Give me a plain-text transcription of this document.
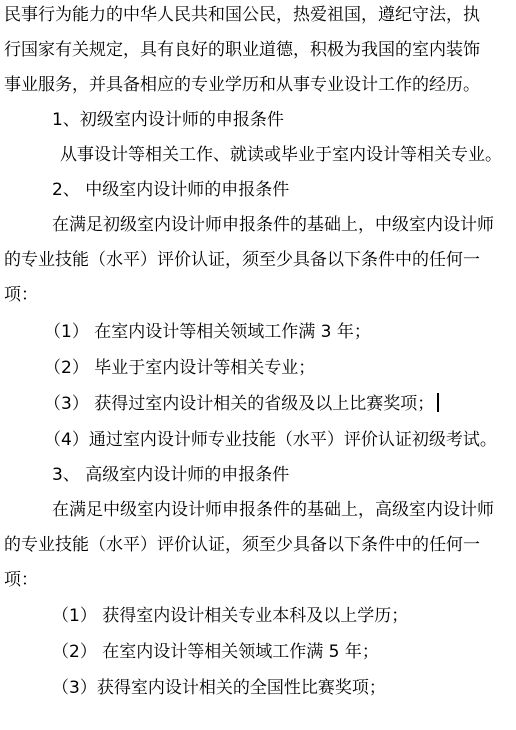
民事行为能力的中华人民共和国公民，热爱祖国，遵纪守法，执
行国家有关规定，具有良好的职业道德，积极为我国的室内装饰
事业服务，并具备相应的专业学历和从事专业设计工作的经历。
1、初级室内设计师的申报条件
从事设计等相关工作、就读或毕业于室内设计等相关专业。
2、 中级室内设计师的申报条件
在满足初级室内设计师申报条件的基础上，中级室内设计师
的专业技能（水平）评价认证，须至少具备以下条件中的任何一
项：
（1） 在室内设计等相关领域工作满 3 年；
（2） 毕业于室内设计等相关专业；
（3） 获得过室内设计相关的省级及以上比赛奖项；
（4）通过室内设计师专业技能（水平）评价认证初级考试。
3、 高级室内设计师的申报条件
在满足中级室内设计师申报条件的基础上，高级室内设计师
的专业技能（水平）评价认证，须至少具备以下条件中的任何一
项：
（1） 获得室内设计相关专业本科及以上学历；
（2） 在室内设计等相关领域工作满 5 年；
（3）获得室内设计相关的全国性比赛奖项；
